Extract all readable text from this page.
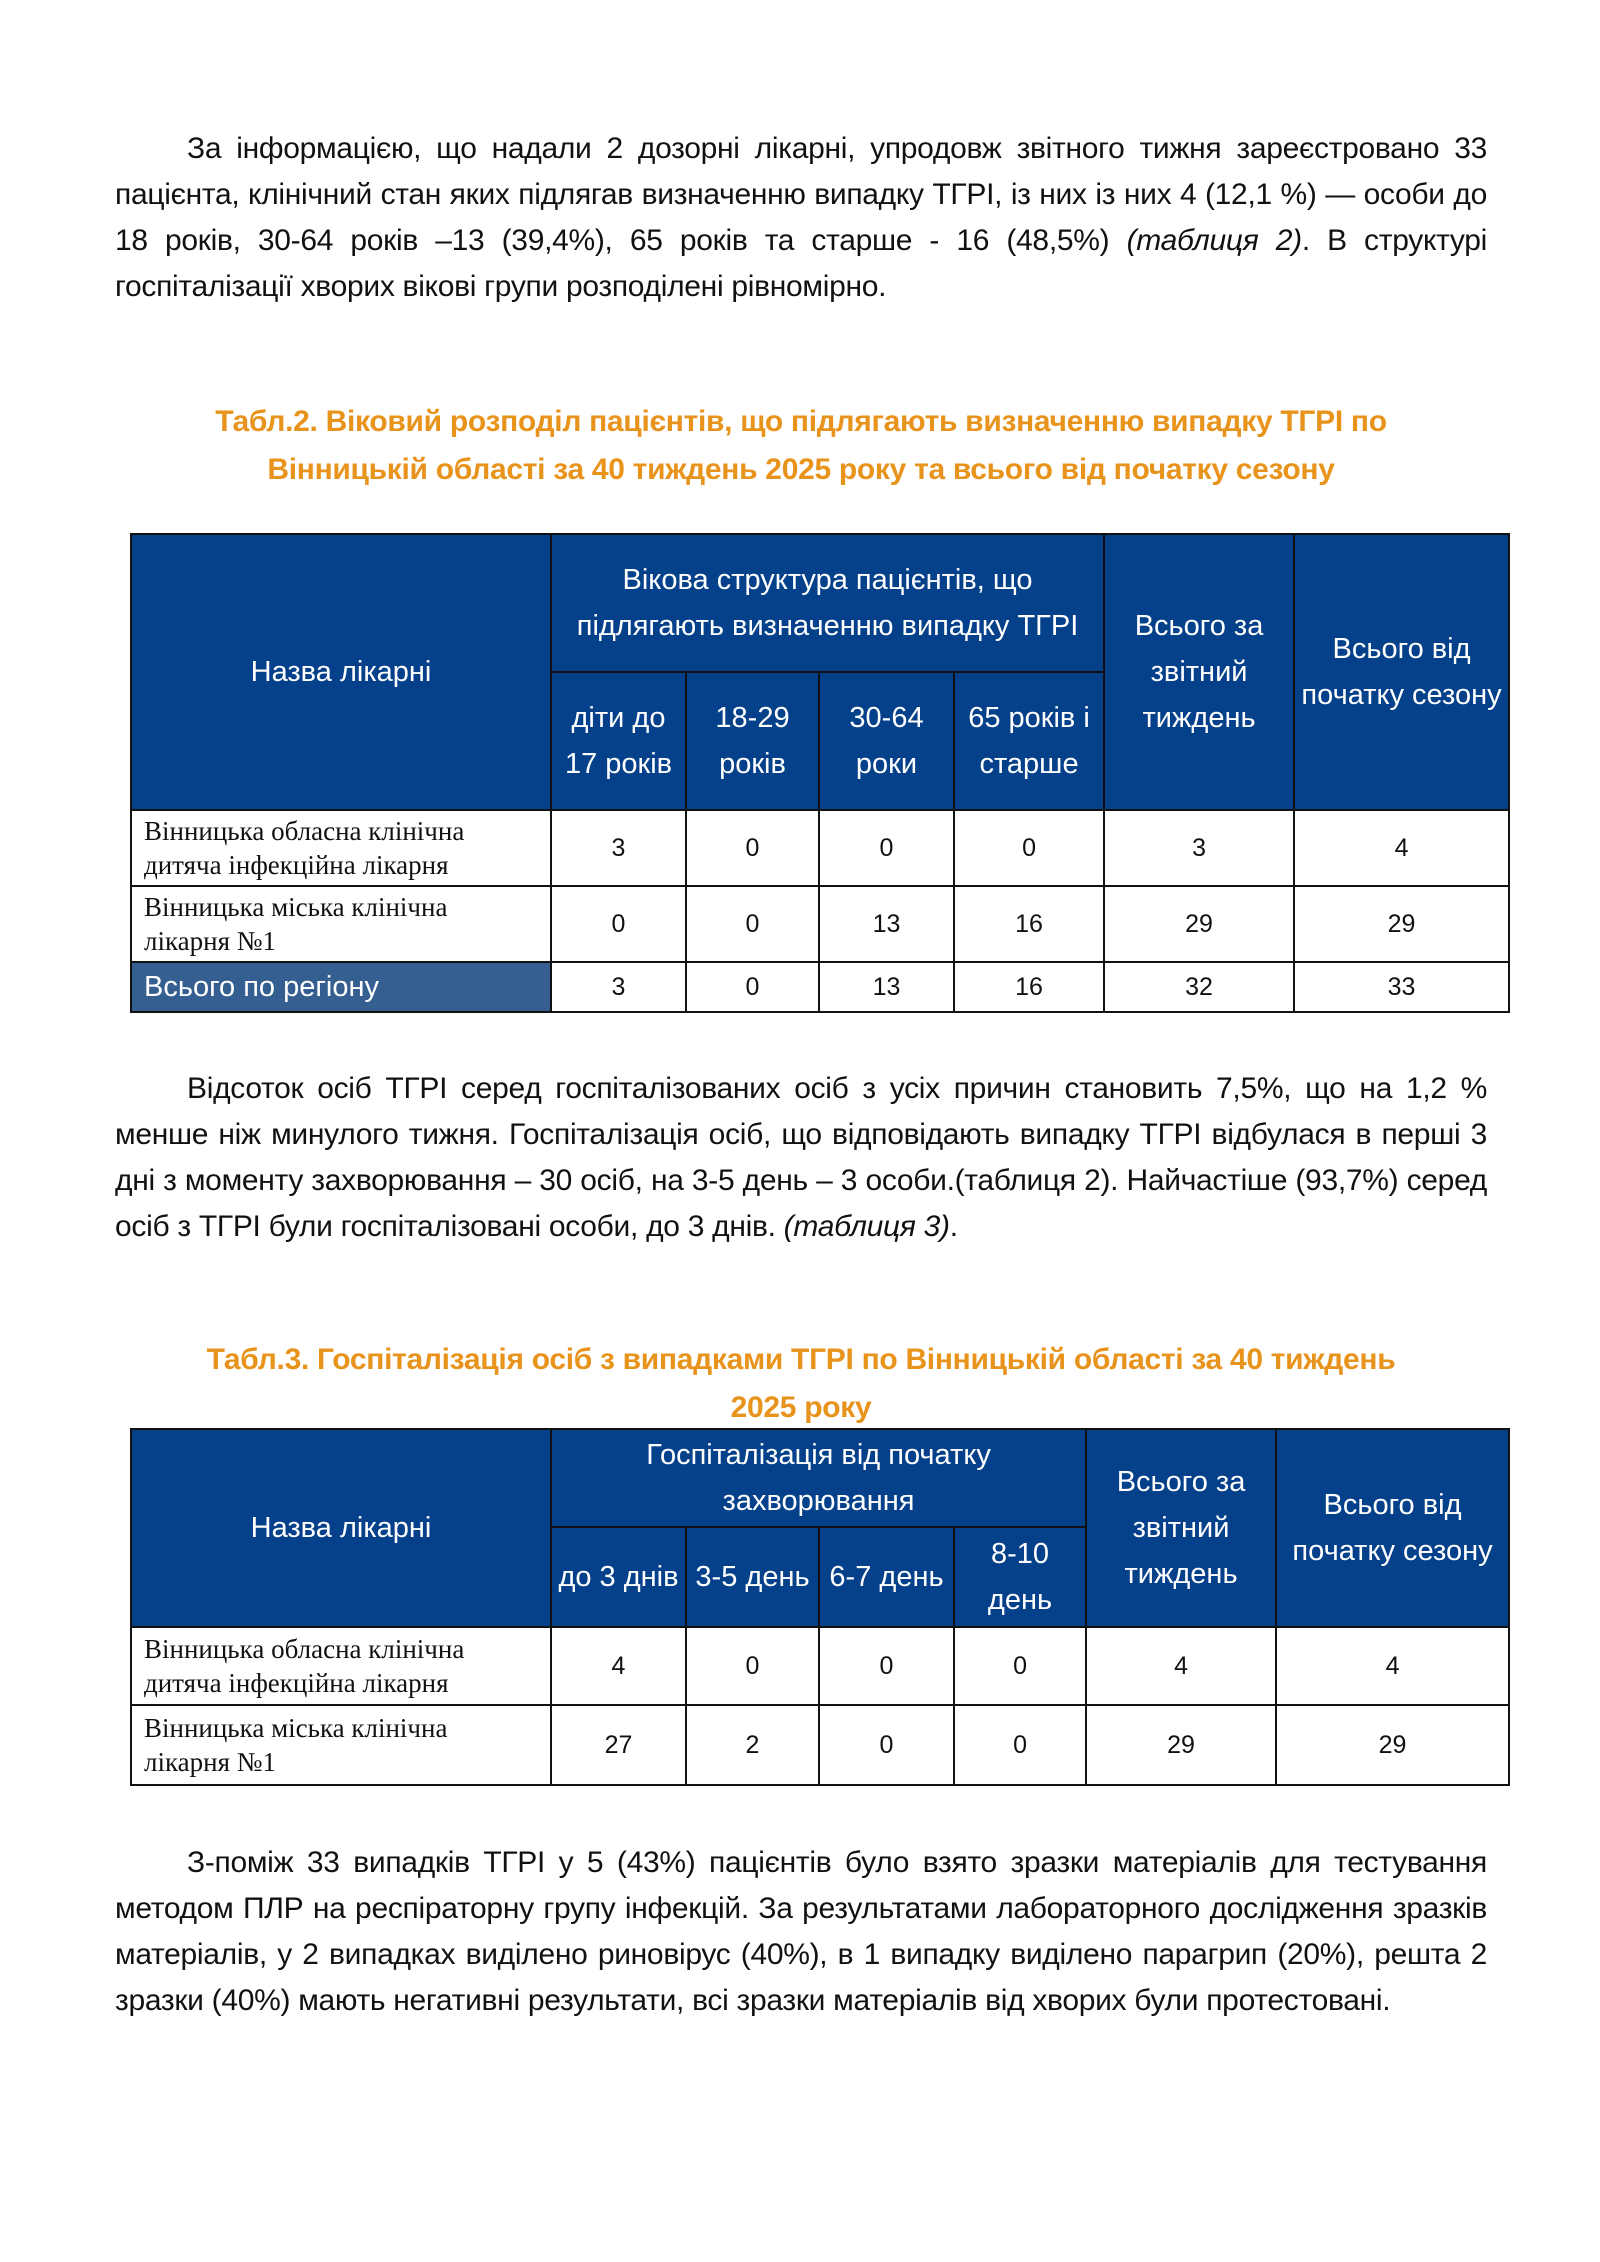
За інформацією, що надали 2 дозорні лікарні, упродовж звітного тижня зареєстровано 33 пацієнта, клінічний стан яких підлягав визначенню випадку ТГРІ, із них із них 4 (12,1 %) — особи до 18 років, 30-64 років –13 (39,4%), 65 років та старше - 16 (48,5%) (таблиця 2). В структурі госпіталізації хворих вікові групи розподілені рівномірно.

Табл.2. Віковий розподіл пацієнтів, що підлягають визначенню випадку ТГРІ по

Вінницькій області за 40 тиждень 2025 року та всього від початку сезону

Назва лікарні	Вікова структура пацієнтів, що підлягають визначенню випадку ТГРІ				Всього за звітний тиждень	Всього від початку сезону
	діти до 17 років	18-29 років	30-64 роки	65 років і старше		
Вінницька обласна клінічна дитяча інфекційна лікарня	3	0	0	0	3	4
Вінницька міська клінічна лікарня №1	0	0	13	16	29	29
Всього по регіону	3	0	13	16	32	33

Відсоток осіб ТГРІ серед госпіталізованих осіб з усіх причин становить 7,5%, що на 1,2 % менше ніж минулого тижня. Госпіталізація осіб, що відповідають випадку ТГРІ відбулася в перші 3 дні з моменту захворювання – 30 осіб, на 3-5 день – 3 особи.(таблиця 2). Найчастіше (93,7%) серед осіб з ТГРІ були госпіталізовані особи, до 3 днів. (таблиця 3).

Табл.3. Госпіталізація осіб з випадками ТГРІ по Вінницькій області за 40 тиждень

2025 року

Назва лікарні	Госпіталізація від початку захворювання				Всього за звітний тиждень	Всього від початку сезону
	до 3 днів	3-5 день	6-7 день	8-10 день		
Вінницька обласна клінічна дитяча інфекційна лікарня	4	0	0	0	4	4
Вінницька міська клінічна лікарня №1	27	2	0	0	29	29

З-поміж 33 випадків ТГРІ у 5 (43%) пацієнтів було взято зразки матеріалів для тестування методом ПЛР на респіраторну групу інфекцій. За результатами лабораторного дослідження зразків матеріалів, у 2 випадках виділено риновірус (40%), в 1 випадку виділено парагрип (20%), решта 2 зразки (40%) мають негативні результати, всі зразки матеріалів від хворих були протестовані.
